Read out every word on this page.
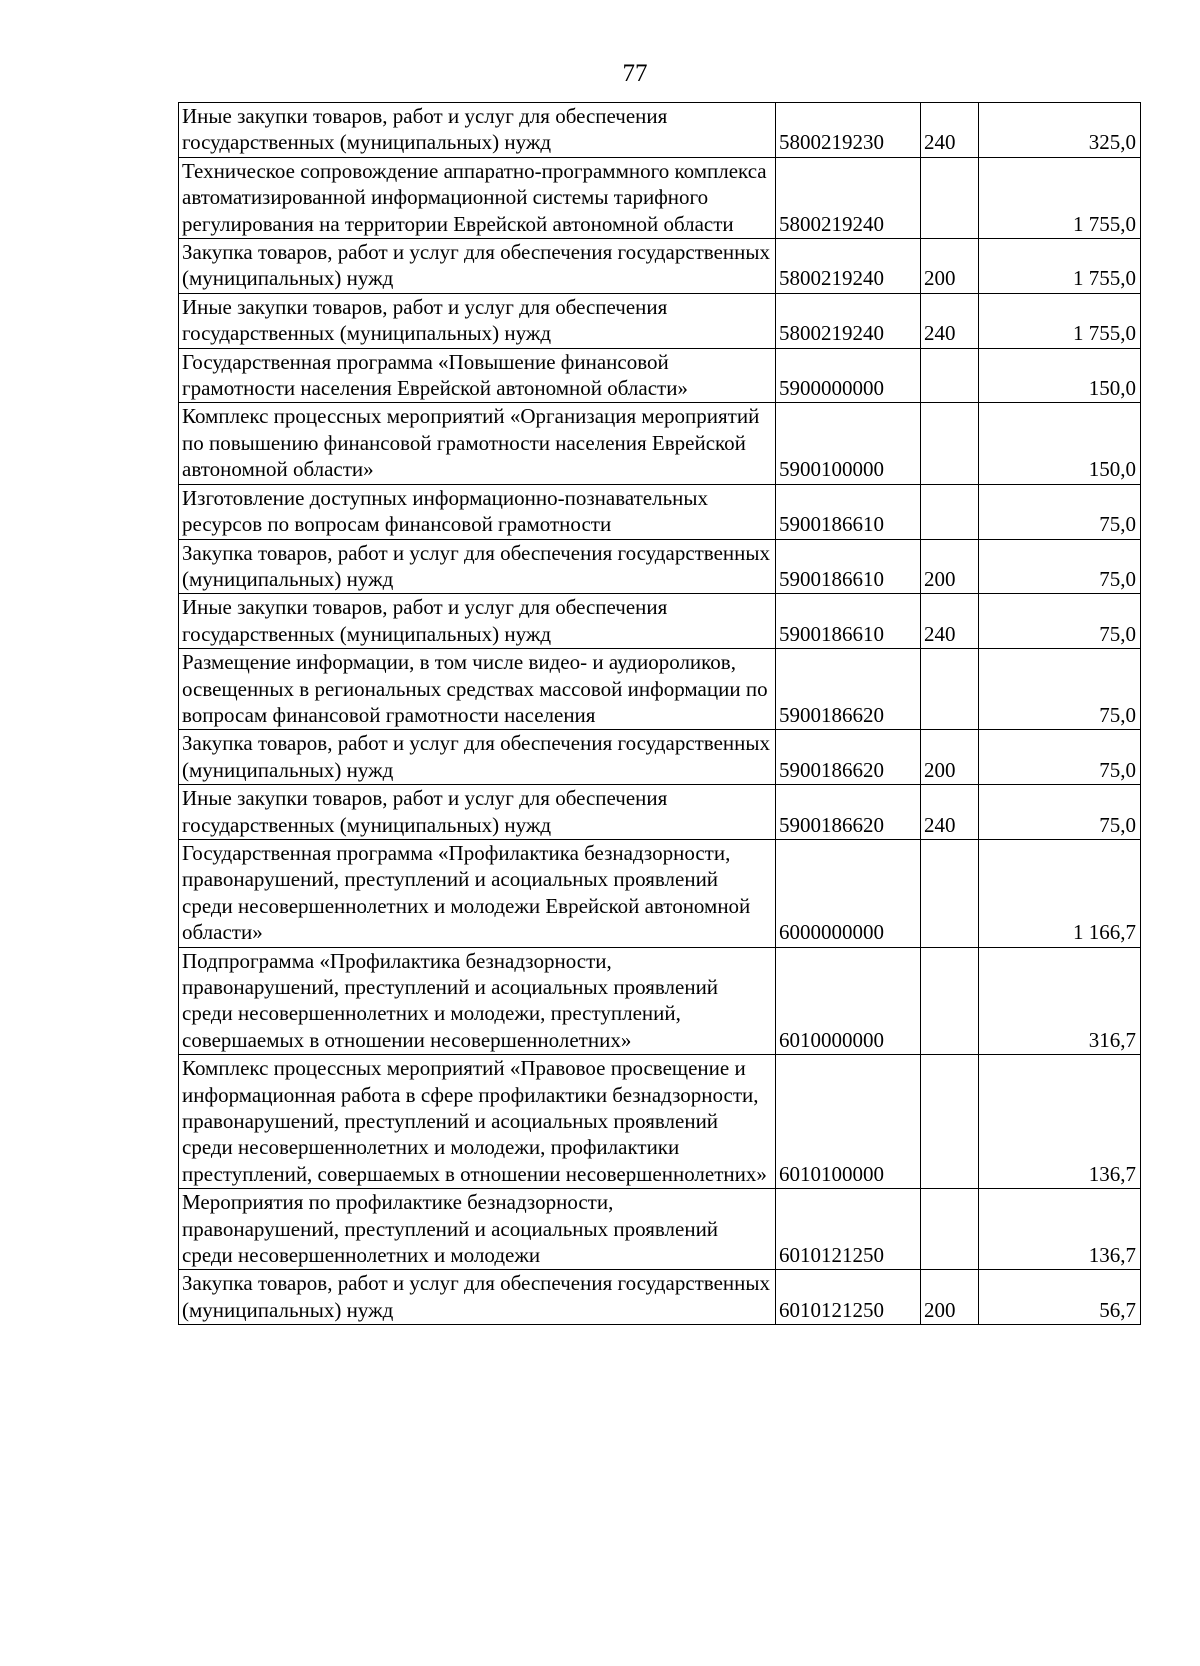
77
Иные закупки товаров, работ и услуг для обеспечения государственных (муниципальных) нужд	5800219230	240	325,0
Техническое сопровождение аппаратно-программного комплекса автоматизированной информационной системы тарифного регулирования на территории Еврейской автономной области	5800219240		1 755,0
Закупка товаров, работ и услуг для обеспечения государственных (муниципальных) нужд	5800219240	200	1 755,0
Иные закупки товаров, работ и услуг для обеспечения государственных (муниципальных) нужд	5800219240	240	1 755,0
Государственная программа «Повышение финансовой грамотности населения Еврейской автономной области»	5900000000		150,0
Комплекс процессных мероприятий «Организация мероприятий по повышению финансовой грамотности населения Еврейской автономной области»	5900100000		150,0
Изготовление доступных информационно-познавательных ресурсов по вопросам финансовой грамотности	5900186610		75,0
Закупка товаров, работ и услуг для обеспечения государственных (муниципальных) нужд	5900186610	200	75,0
Иные закупки товаров, работ и услуг для обеспечения государственных (муниципальных) нужд	5900186610	240	75,0
Размещение информации, в том числе видео- и аудиороликов, освещенных в региональных средствах массовой информации по вопросам финансовой грамотности населения	5900186620		75,0
Закупка товаров, работ и услуг для обеспечения государственных (муниципальных) нужд	5900186620	200	75,0
Иные закупки товаров, работ и услуг для обеспечения государственных (муниципальных) нужд	5900186620	240	75,0
Государственная программа «Профилактика безнадзорности, правонарушений, преступлений и асоциальных проявлений среди несовершеннолетних и молодежи Еврейской автономной области»	6000000000		1 166,7
Подпрограмма «Профилактика безнадзорности, правонарушений, преступлений и асоциальных проявлений среди несовершеннолетних и молодежи, преступлений, совершаемых в отношении несовершеннолетних»	6010000000		316,7
Комплекс процессных мероприятий «Правовое просвещение и информационная работа в сфере профилактики безнадзорности, правонарушений, преступлений и асоциальных проявлений среди несовершеннолетних и молодежи, профилактики преступлений, совершаемых в отношении несовершеннолетних»	6010100000		136,7
Мероприятия по профилактике безнадзорности, правонарушений, преступлений и асоциальных проявлений среди несовершеннолетних и молодежи	6010121250		136,7
Закупка товаров, работ и услуг для обеспечения государственных (муниципальных) нужд	6010121250	200	56,7
